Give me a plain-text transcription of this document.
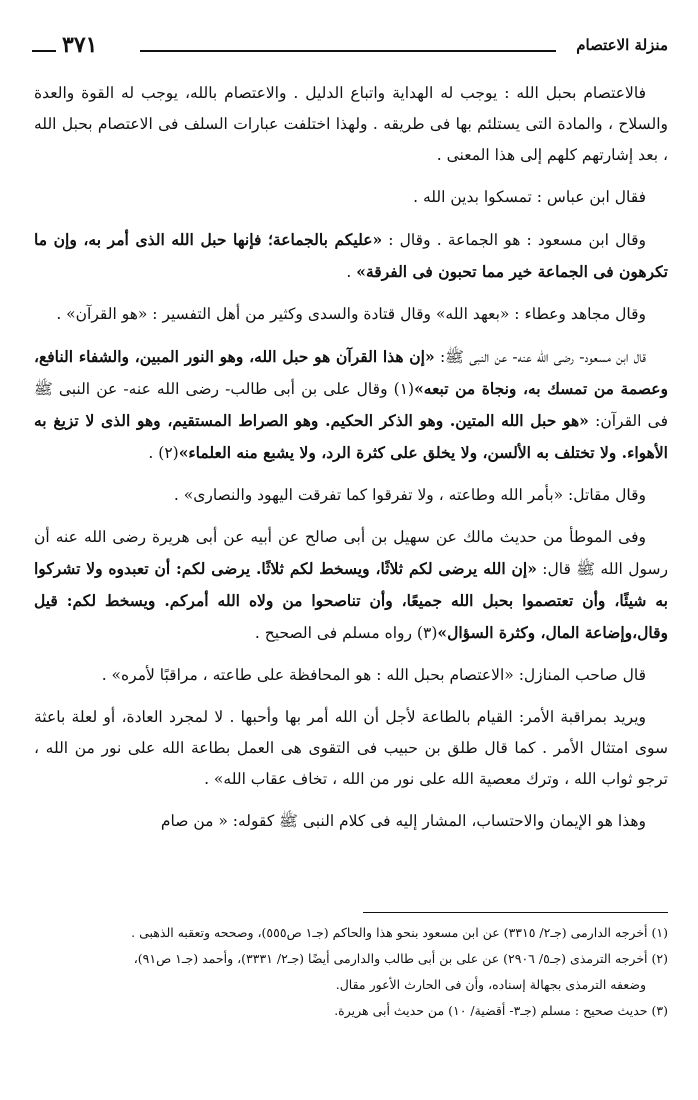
منزلة الاعتصام
٣٧١

فالاعتصام بحبل الله : يوجب له الهداية واتباع الدليل . والاعتصام بالله، يوجب له القوة والعدة والسلاح ، والمادة التى يستلئم بها فى طريقه . ولهذا اختلفت عبارات السلف فى الاعتصام بحبل الله ، بعد إشارتهم كلهم إلى هذا المعنى .

فقال ابن عباس : تمسكوا بدين الله .

وقال ابن مسعود : هو الجماعة . وقال : «عليكم بالجماعة؛ فإنها حبل الله الذى أمر به، وإن ما تكرهون فى الجماعة خير مما تحبون فى الفرقة» .

وقال مجاهد وعطاء : «بعهد الله» وقال قتادة والسدى وكثير من أهل التفسير : «هو القرآن» .

قال ابن مسعود- رضى الله عنه- عن النبى ﷺ: «إن هذا القرآن هو حبل الله، وهو النور المبين، والشفاء النافع، وعصمة من تمسك به، ونجاة من تبعه»(١) وقال على بن أبى طالب- رضى الله عنه- عن النبى ﷺ فى القرآن: «هو حبل الله المتين. وهو الذكر الحكيم. وهو الصراط المستقيم، وهو الذى لا تزيغ به الأهواء. ولا تختلف به الألسن، ولا يخلق على كثرة الرد، ولا يشبع منه العلماء»(٢) .

وقال مقاتل: «بأمر الله وطاعته ، ولا تفرقوا كما تفرقت اليهود والنصارى» .

وفى الموطأ من حديث مالك عن سهيل بن أبى صالح عن أبيه عن أبى هريرة رضى الله عنه أن رسول الله ﷺ قال: «إن الله يرضى لكم ثلاثًا، ويسخط لكم ثلاثًا. يرضى لكم: أن تعبدوه ولا تشركوا به شيئًا، وأن تعتصموا بحبل الله جميعًا، وأن تناصحوا من ولاه الله أمركم. ويسخط لكم: قيل وقال،وإضاعة المال، وكثرة السؤال»(٣) رواه مسلم فى الصحيح .

قال صاحب المنازل: «الاعتصام بحبل الله : هو المحافظة على طاعته ، مراقبًا لأمره» .

ويريد بمراقبة الأمر: القيام بالطاعة لأجل أن الله أمر بها وأحبها . لا لمجرد العادة، أو لعلة باعثة سوى امتثال الأمر . كما قال طلق بن حبيب فى التقوى هى العمل بطاعة الله على نور من الله ، ترجو ثواب الله ، وترك معصية الله على نور من الله ، تخاف عقاب الله» .

وهذا هو الإيمان والاحتساب، المشار إليه فى كلام النبى ﷺ كقوله: « من صام

(١) أخرجه الدارمى (جـ٢/ ٣٣١٥) عن ابن مسعود بنحو هذا والحاكم (جـ١ ص٥٥٥)، وصححه وتعقبه الذهبى .

(٢) أخرجه الترمذى (جـ٥/ ٢٩٠٦) عن على بن أبى طالب والدارمى أيضًا (جـ٢/ ٣٣٣١)، وأحمد (جـ١ ص٩١)،

وضعفه الترمذى بجهالة إسناده، وأن فى الحارث الأعور مقال.

(٣) حديث صحيح : مسلم (جـ٣- أقضية/ ١٠) من حديث أبى هريرة.
